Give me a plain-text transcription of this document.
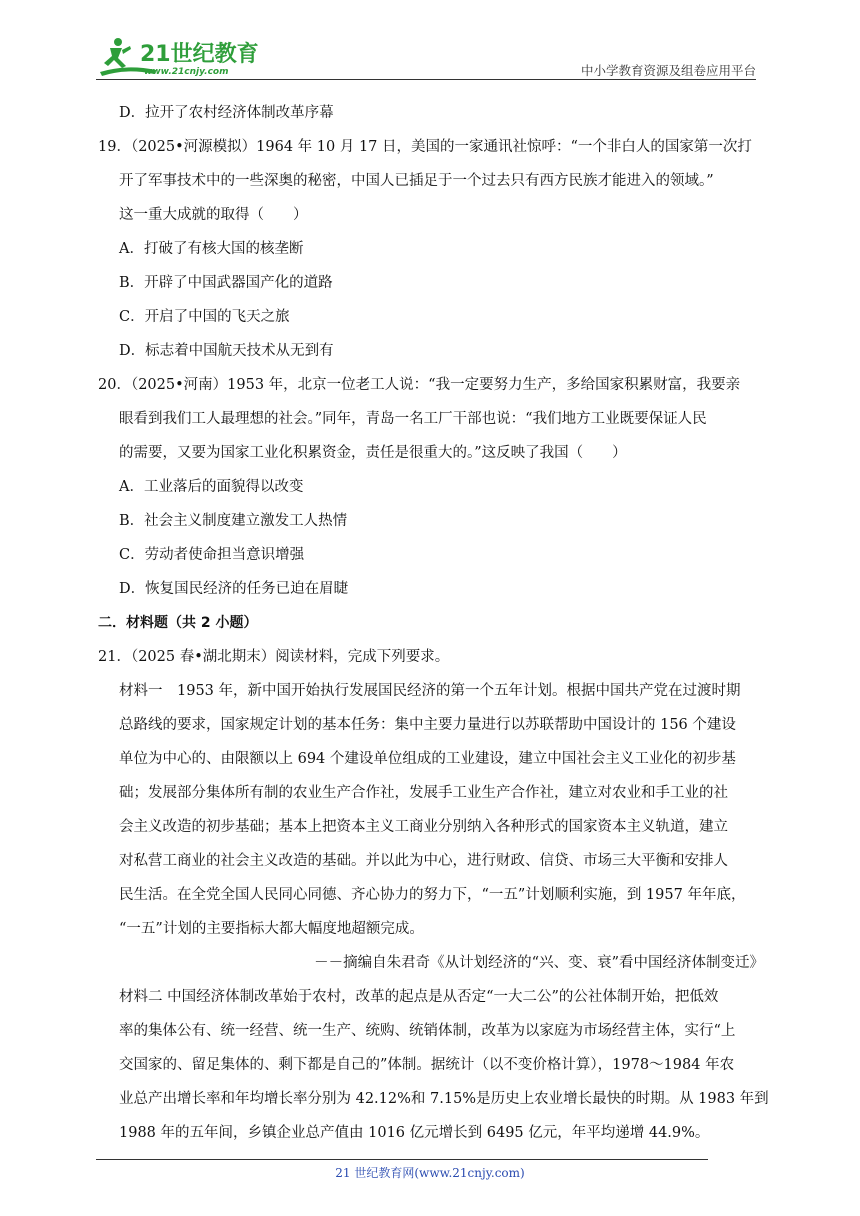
21世纪教育
www.21cnjy.com	中小学教育资源及组卷应用平台
D．拉开了农村经济体制改革序幕
19．（2025•河源模拟）1964 年 10 月 17 日，美国的一家通讯社惊呼：“一个非白人的国家第一次打
开了军事技术中的一些深奥的秘密，中国人已插足于一个过去只有西方民族才能进入的领域。”
这一重大成就的取得（　　）
A．打破了有核大国的核垄断
B．开辟了中国武器国产化的道路
C．开启了中国的飞天之旅
D．标志着中国航天技术从无到有
20．（2025•河南）1953 年，北京一位老工人说：“我一定要努力生产，多给国家积累财富，我要亲
眼看到我们工人最理想的社会。”同年，青岛一名工厂干部也说：“我们地方工业既要保证人民
的需要，又要为国家工业化积累资金，责任是很重大的。”这反映了我国（　　）
A．工业落后的面貌得以改变
B．社会主义制度建立激发工人热情
C．劳动者使命担当意识增强
D．恢复国民经济的任务已迫在眉睫
二．材料题（共 2 小题）
21．（2025 春•湖北期末）阅读材料，完成下列要求。
材料一　1953 年，新中国开始执行发展国民经济的第一个五年计划。根据中国共产党在过渡时期
总路线的要求，国家规定计划的基本任务：集中主要力量进行以苏联帮助中国设计的 156 个建设
单位为中心的、由限额以上 694 个建设单位组成的工业建设，建立中国社会主义工业化的初步基
础；发展部分集体所有制的农业生产合作社，发展手工业生产合作社，建立对农业和手工业的社
会主义改造的初步基础；基本上把资本主义工商业分别纳入各种形式的国家资本主义轨道，建立
对私营工商业的社会主义改造的基础。并以此为中心，进行财政、信贷、市场三大平衡和安排人
民生活。在全党全国人民同心同德、齐心协力的努力下，“一五”计划顺利实施，到 1957 年年底，
“一五”计划的主要指标大都大幅度地超额完成。
－－摘编自朱君奇《从计划经济的“兴、变、衰”看中国经济体制变迁》
材料二 中国经济体制改革始于农村，改革的起点是从否定“一大二公”的公社体制开始，把低效
率的集体公有、统一经营、统一生产、统购、统销体制，改革为以家庭为市场经营主体，实行“上
交国家的、留足集体的、剩下都是自己的”体制。据统计（以不变价格计算），1978～1984 年农
业总产出增长率和年均增长率分别为 42.12%和 7.15%是历史上农业增长最快的时期。从 1983 年到
1988 年的五年间，乡镇企业总产值由 1016 亿元增长到 6495 亿元，年平均递增 44.9%。
21 世纪教育网(www.21cnjy.com)
